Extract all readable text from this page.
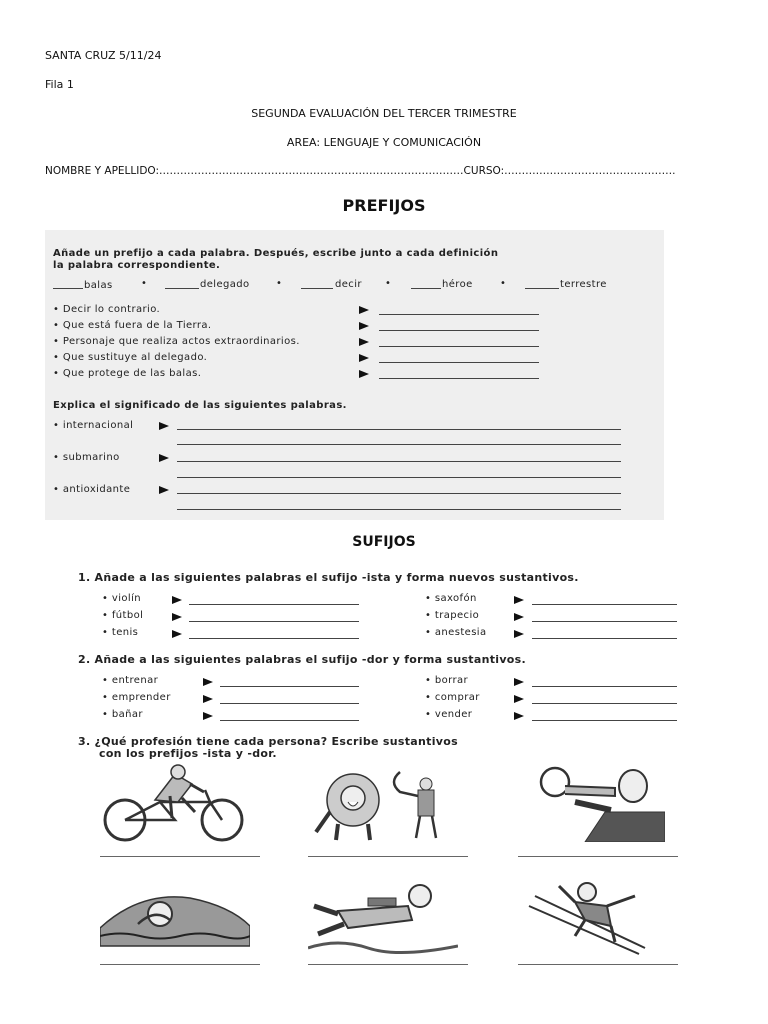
SANTA CRUZ 5/11/24
Fila 1
SEGUNDA EVALUACIÓN DEL TERCER TRIMESTRE
AREA: LENGUAJE Y COMUNICACIÓN
NOMBRE Y APELLIDO:……………………………………………………………………………CURSO:………………………………………….
PREFIJOS
Añade un prefijo a cada palabra. Después, escribe junto a cada definición
la palabra correspondiente.
balas	•	delegado	•	decir •	héroe	•	terrestre
• Decir lo contrario.
• Que está fuera de la Tierra.
• Personaje que realiza actos extraordinarios.
• Que sustituye al delegado.
• Que protege de las balas.
Explica el significado de las siguientes palabras.
• internacional
• submarino
• antioxidante
SUFIJOS
1. Añade a las siguientes palabras el sufijo -ista y forma nuevos sustantivos.
• violín
• fútbol
• tenis
• saxofón
• trapecio
• anestesia
2. Añade a las siguientes palabras el sufijo -dor y forma sustantivos.
• entrenar
• emprender
• bañar
• borrar
• comprar
• vender
3. ¿Qué profesión tiene cada persona? Escribe sustantivos
con los prefijos -ista y -dor.
